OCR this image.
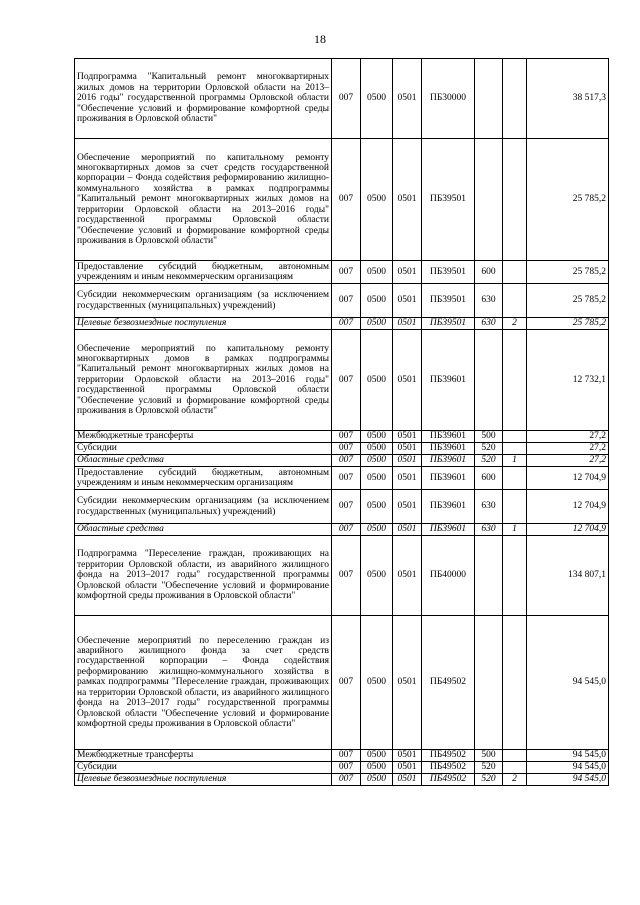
18
Подпрограмма "Капитальный ремонт многоквартирных жилых домов на территории Орловской области на 2013–2016 годы" государственной программы Орловской области "Обеспечение условий и формирование комфортной среды проживания в Орловской области"	007	0500	0501	ПБ30000			38 517,3
Обеспечение мероприятий по капитальному ремонту многоквартирных домов за счет средств государственной корпорации – Фонда содействия реформированию жилищно-коммунального хозяйства в рамках подпрограммы "Капитальный ремонт многоквартирных жилых домов на территории Орловской области на 2013–2016 годы" государственной программы Орловской области "Обеспечение условий и формирование комфортной среды проживания в Орловской области"	007	0500	0501	ПБ39501			25 785,2
Предоставление субсидий бюджетным, автономным учреждениям и иным некоммерческим организациям	007	0500	0501	ПБ39501	600		25 785,2
Субсидии некоммерческим организациям (за исключением государственных (муниципальных) учреждений)	007	0500	0501	ПБ39501	630		25 785,2
Целевые безвозмездные поступления	007	0500	0501	ПБ39501	630	2	25 785,2
Обеспечение мероприятий по капитальному ремонту многоквартирных домов в рамках подпрограммы "Капитальный ремонт многоквартирных жилых домов на территории Орловской области на 2013–2016 годы" государственной программы Орловской области "Обеспечение условий и формирование комфортной среды проживания в Орловской области"	007	0500	0501	ПБ39601			12 732,1
Межбюджетные трансферты	007	0500	0501	ПБ39601	500		27,2
Субсидии	007	0500	0501	ПБ39601	520		27,2
Областные средства	007	0500	0501	ПБ39601	520	1	27,2
Предоставление субсидий бюджетным, автономным учреждениям и иным некоммерческим организациям	007	0500	0501	ПБ39601	600		12 704,9
Субсидии некоммерческим организациям (за исключением государственных (муниципальных) учреждений)	007	0500	0501	ПБ39601	630		12 704,9
Областные средства	007	0500	0501	ПБ39601	630	1	12 704,9
Подпрограмма "Переселение граждан, проживающих на территории Орловской области, из аварийного жилищного фонда на 2013–2017 годы" государственной программы Орловской области "Обеспечение условий и формирование комфортной среды проживания в Орловской области"	007	0500	0501	ПБ40000			134 807,1
Обеспечение мероприятий по переселению граждан из аварийного жилищного фонда за счет средств государственной корпорации – Фонда содействия реформированию жилищно-коммунального хозяйства в рамках подпрограммы "Переселение граждан, проживающих на территории Орловской области, из аварийного жилищного фонда на 2013–2017 годы" государственной программы Орловской области "Обеспечение условий и формирование комфортной среды проживания в Орловской области"	007	0500	0501	ПБ49502			94 545,0
Межбюджетные трансферты	007	0500	0501	ПБ49502	500		94 545,0
Субсидии	007	0500	0501	ПБ49502	520		94 545,0
Целевые безвозмездные поступления	007	0500	0501	ПБ49502	520	2	94 545,0
